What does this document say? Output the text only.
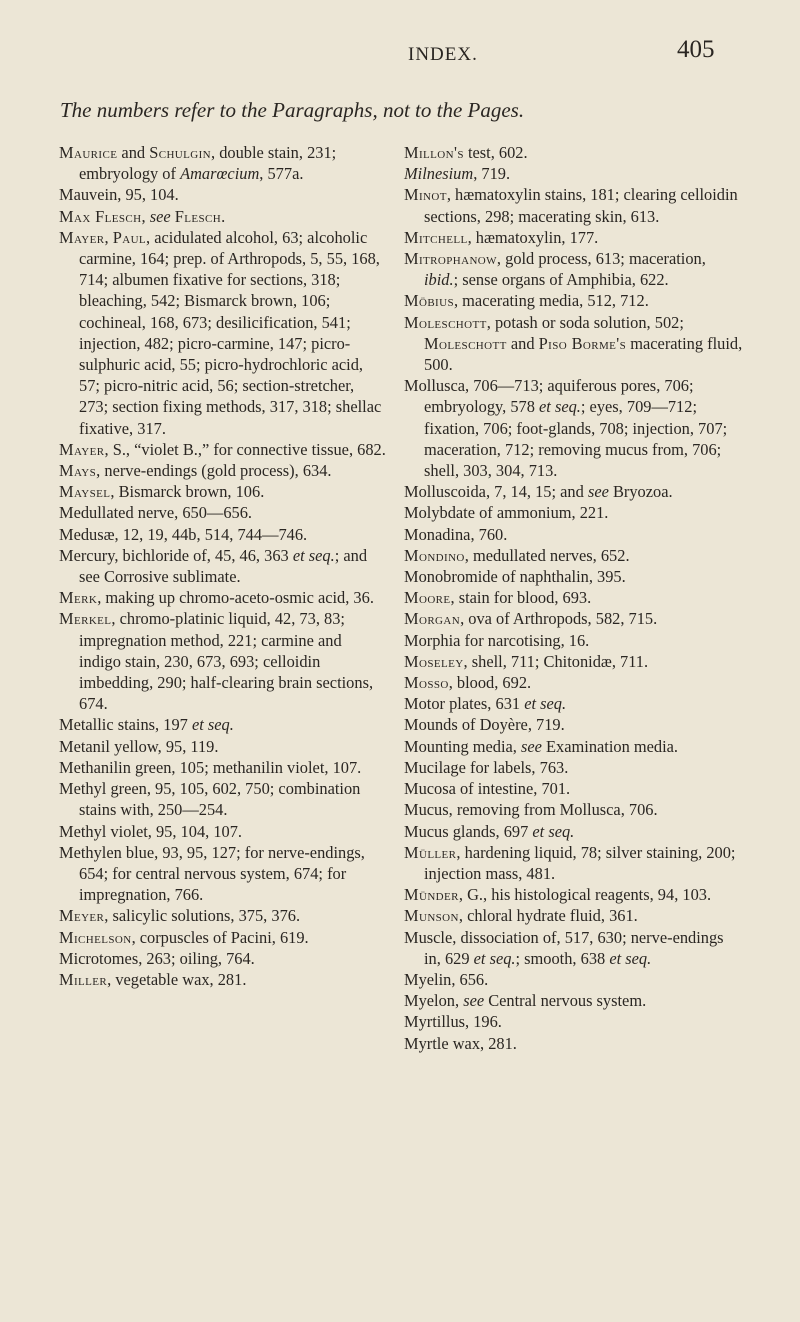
INDEX.	405
The numbers refer to the Paragraphs, not to the Pages.
Maurice and Schulgin, double stain, 231; embryology of Amarœcium, 577a.
Mauvein, 95, 104.
Max Flesch, see Flesch.
Mayer, Paul, acidulated alcohol, 63; alcoholic carmine, 164; prep. of Arthropods, 5, 55, 168, 714; albumen fixative for sections, 318; bleaching, 542; Bismarck brown, 106; cochineal, 168, 673; desilicification, 541; injection, 482; picro-carmine, 147; picro-sulphuric acid, 55; picro-hydrochloric acid, 57; picro-nitric acid, 56; section-stretcher, 273; section fixing methods, 317, 318; shellac fixative, 317.
Mayer, S., “violet B.,” for connective tissue, 682.
Mays, nerve-endings (gold process), 634.
Maysel, Bismarck brown, 106.
Medullated nerve, 650—656.
Medusæ, 12, 19, 44b, 514, 744—746.
Mercury, bichloride of, 45, 46, 363 et seq.; and see Corrosive sublimate.
Merk, making up chromo-aceto-osmic acid, 36.
Merkel, chromo-platinic liquid, 42, 73, 83; impregnation method, 221; carmine and indigo stain, 230, 673, 693; celloidin imbedding, 290; half-clearing brain sections, 674.
Metallic stains, 197 et seq.
Metanil yellow, 95, 119.
Methanilin green, 105; methanilin violet, 107.
Methyl green, 95, 105, 602, 750; combination stains with, 250—254.
Methyl violet, 95, 104, 107.
Methylen blue, 93, 95, 127; for nerve-endings, 654; for central nervous system, 674; for impregnation, 766.
Meyer, salicylic solutions, 375, 376.
Michelson, corpuscles of Pacini, 619.
Microtomes, 263; oiling, 764.
Miller, vegetable wax, 281.
Millon's test, 602.
Milnesium, 719.
Minot, hæmatoxylin stains, 181; clearing celloidin sections, 298; macerating skin, 613.
Mitchell, hæmatoxylin, 177.
Mitrophanow, gold process, 613; maceration, ibid.; sense organs of Amphibia, 622.
Möbius, macerating media, 512, 712.
Moleschott, potash or soda solution, 502; Moleschott and Piso Borme's macerating fluid, 500.
Mollusca, 706—713; aquiferous pores, 706; embryology, 578 et seq.; eyes, 709—712; fixation, 706; foot-glands, 708; injection, 707; maceration, 712; removing mucus from, 706; shell, 303, 304, 713.
Molluscoida, 7, 14, 15; and see Bryozoa.
Molybdate of ammonium, 221.
Monadina, 760.
Mondino, medullated nerves, 652.
Monobromide of naphthalin, 395.
Moore, stain for blood, 693.
Morgan, ova of Arthropods, 582, 715.
Morphia for narcotising, 16.
Moseley, shell, 711; Chitonidæ, 711.
Mosso, blood, 692.
Motor plates, 631 et seq.
Mounds of Doyère, 719.
Mounting media, see Examination media.
Mucilage for labels, 763.
Mucosa of intestine, 701.
Mucus, removing from Mollusca, 706.
Mucus glands, 697 et seq.
Müller, hardening liquid, 78; silver staining, 200; injection mass, 481.
Münder, G., his histological reagents, 94, 103.
Munson, chloral hydrate fluid, 361.
Muscle, dissociation of, 517, 630; nerve-endings in, 629 et seq.; smooth, 638 et seq.
Myelin, 656.
Myelon, see Central nervous system.
Myrtillus, 196.
Myrtle wax, 281.
